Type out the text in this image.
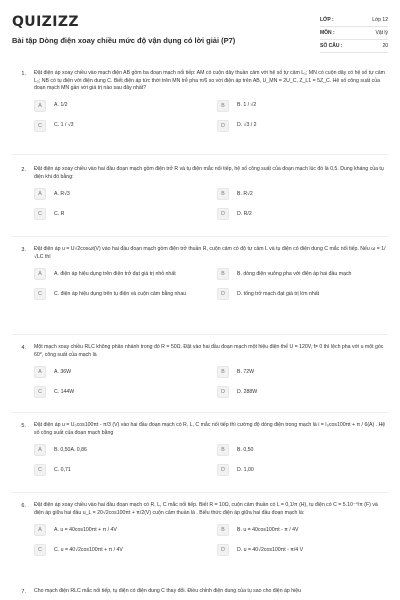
QUIZIZZ
Bài tập Dòng điện xoay chiều mức độ vận dụng có lời giải (P7)
LỚP :	Lớp 12
MÔN :	Vật lý
SỐ CÂU :	20
1. Đặt điện áp xoay chiều vào mạch điện AB gồm ba đoạn mạch nối tiếp: AM có cuộn dây thuần cảm với hệ số tự cảm L₁; MN có cuộn dây có hệ số tự cảm L₂; NB có tụ điện với điện dung C. Biết điện áp tức thời trên MN trễ pha π/6 so với điện áp trên AB, U_MN = 2U_C, Z_L1 = 5Z_C. Hệ số công suất của đoạn mạch MN gần với giá trị nào sau đây nhất?
A	A. 1/2	B	B. 1 / √2
C	C. 1 / √3	D	D. √3 / 2
2. Đặt điện áp xoay chiều vào hai đầu đoạn mạch gồm điện trở R và tụ điện mắc nối tiếp, hệ số công suất của đoạn mạch lúc đó là 0,5. Dung kháng của tụ điện khi đó bằng:
A	A. R√3	B	B. R√2
C	C. R	D	D. R/2
3. Đặt điện áp u = U√2cosωt(V) vào hai đầu đoạn mạch gồm điện trở thuần R, cuộn cảm có độ tự cảm L và tụ điện có điện dung C mắc nối tiếp. Nếu ω = 1/√LC thì
A	A. điện áp hiệu dụng trên điện trở đạt giá trị nhỏ nhất	B	B. dòng điện vuông pha với điện áp hai đầu mạch
C	C. điện áp hiệu dụng trên tụ điện và cuộn cảm bằng nhau	D	D. tổng trở mạch đạt giá trị lớn nhất
4. Một mạch xoay chiều RLC không phân nhánh trong đó R = 50Ω. Đặt vào hai đầu đoạn mạch một hiệu điện thế U = 120V, f≠ 0 thì lệch pha với u một góc 60⁰, công suất của mạch là
A	A. 36W	B	B. 72W
C	C. 144W	D	D. 288W
5. Đặt điện áp u = U₀cos100πt - π/3 (V) vào hai đầu đoạn mạch có R, L, C mắc nối tiếp thì cường độ dòng điện trong mạch là i = I₀cos100πt + π / 6(A) . Hệ số công suất của đoạn mạch bằng
A	B. 0,50A. 0,86	B	B. 0,50
C	C. 0,71	D	D. 1,00
6. Đặt điện áp xoay chiều vào hai đầu đoạn mạch có R, L, C mắc nối tiếp. Biết R = 10Ω, cuộn cảm thuần có L = 0,1/π (H), tụ điện có C = 5.10⁻⁴/π (F) và điện áp giữa hai đầu u_L = 20√2cos100πt + π/2(V) cuộn cảm thuần là . Biểu thức điện áp giữa hai đầu đoạn mạch là:
A	A. u = 40cos100πt + π / 4V	B	B. u = 40cos100πt - π / 4V
C	C. u = 40√2cos100πt + π / 4V	D	D. u = 40√2cos100πt - π/4 V
7. Cho mạch điện RLC mắc nối tiếp, tụ điện có điện dung C thay đổi. Điều chỉnh điện dung của tụ sao cho điện áp hiệu
